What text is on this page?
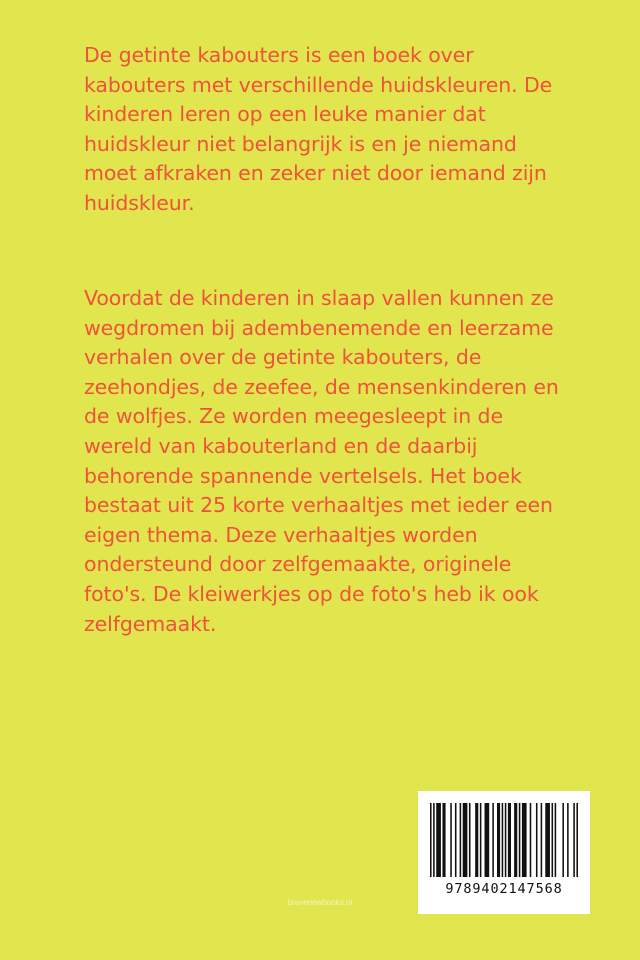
De getinte kabouters is een boek over
kabouters met verschillende huidskleuren. De
kinderen leren op een leuke manier dat
huidskleur niet belangrijk is en je niemand
moet afkraken en zeker niet door iemand zijn
huidskleur.

Voordat de kinderen in slaap vallen kunnen ze
wegdromen bij adembenemende en leerzame
verhalen over de getinte kabouters, de
zeehondjes, de zeefee, de mensenkinderen en
de wolfjes. Ze worden meegesleept in de
wereld van kabouterland en de daarbij
behorende spannende vertelsels. Het boek
bestaat uit 25 korte verhaaltjes met ieder een
eigen thema. Deze verhaaltjes worden
ondersteund door zelfgemaakte, originele
foto's. De kleiwerkjes op de foto's heb ik ook
zelfgemaakt.

9789402147568
bravenewbooks.nl
